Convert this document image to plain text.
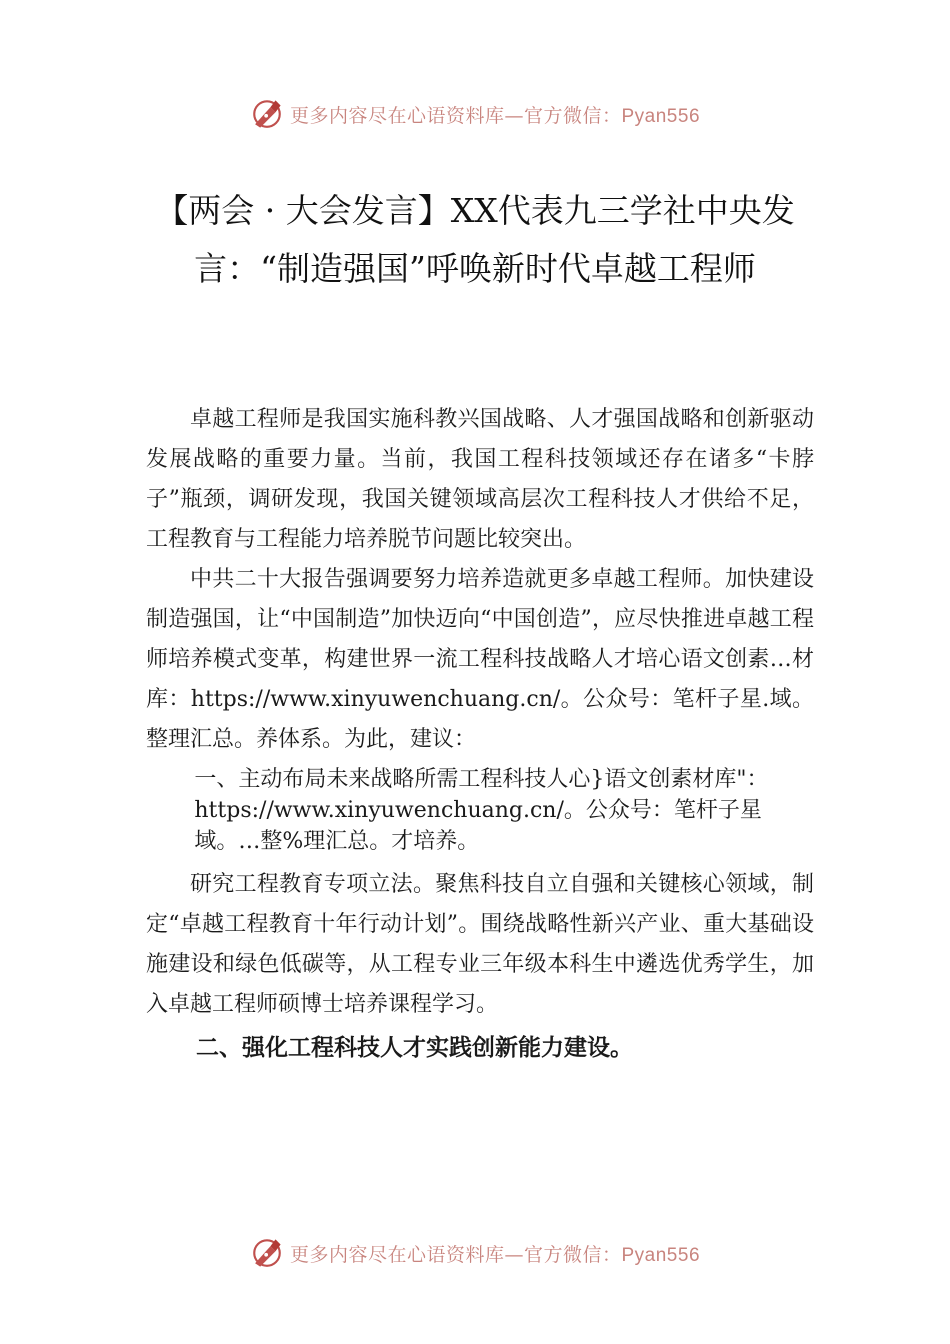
更多内容尽在心语资料库—官方微信：Pyan556
【两会 · 大会发言】XX代表九三学社中央发言：“制造强国”呼唤新时代卓越工程师

卓越工程师是我国实施科教兴国战略、人才强国战略和创新驱动发展战略的重要力量。当前，我国工程科技领域还存在诸多“卡脖子”瓶颈，调研发现，我国关键领域高层次工程科技人才供给不足，工程教育与工程能力培养脱节问题比较突出。

中共二十大报告强调要努力培养造就更多卓越工程师。加快建设制造强国，让“中国制造”加快迈向“中国创造”，应尽快推进卓越工程师培养模式变革，构建世界一流工程科技战略人才培心语文创素…材库：https://www.xinyuwenchuang.cn/。公众号：笔杆子星.域。整理汇总。养体系。为此，建议：

一、主动布局未来战略所需工程科技人心}语文创素材库"：https://www.xinyuwenchuang.cn/。公众号：笔杆子星域。…整%理汇总。才培养。

研究工程教育专项立法。聚焦科技自立自强和关键核心领域，制定“卓越工程教育十年行动计划”。围绕战略性新兴产业、重大基础设施建设和绿色低碳等，从工程专业三年级本科生中遴选优秀学生，加入卓越工程师硕博士培养课程学习。

二、强化工程科技人才实践创新能力建设。

更多内容尽在心语资料库—官方微信：Pyan556
